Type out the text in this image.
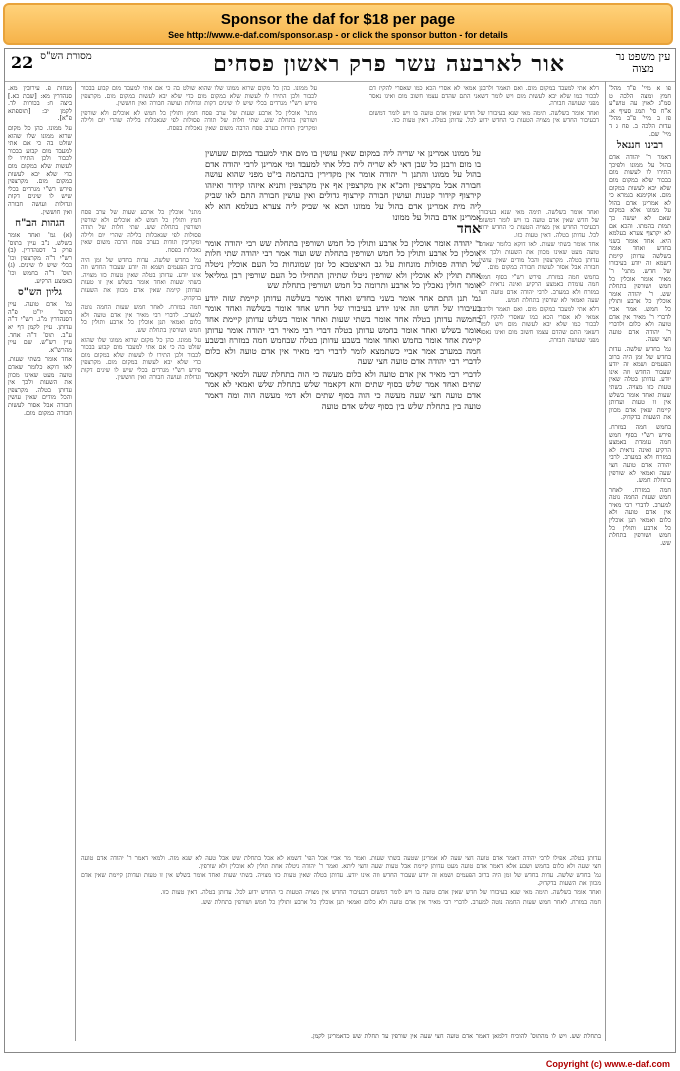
Sponsor the daf for $18 per page
See http://www.e-daf.com/sponsor.asp - or click the sponsor button - for details
עין משפט נר מצוה
אור לארבעה עשר פרק ראשון פסחים
מסורת הש"ס
22

פו א מיי' פ"ד מהל' חמץ ומצה הלכה ט סמ"ג לאוין עה טוש"ע א"ח סי' תמג סעיף א. פז ב מיי' פ"ב מהל' עדות הלכה ב. פח ג ד מיי' שם.

רבינו חננאל

דאמר ר' יהודה אדם בהול על ממונו ולפיכך התירו לו לעשות מום בבכור שלא במקום מום שלא יבא לעשות במקום מום. אוקימנא בגמרא כי לא אמרינן אדם בהול על ממונו אלא במקום שאם לא יעשה כך תמות בהמתו. והכא אם לא יקרצף צערא בעלמא היא. אחד אומר בשני בחדש ואחד אומר בשלשה עדותן קיימת דשמא זה יודע בעיבורו של חדש. מתני' ר' מאיר אומר אוכלין כל חמש ושורפין בתחלת שש. ר' יהודה אומר אוכלין כל ארבע ותולין כל חמש. אמר אביי לדברי ר' מאיר אין אדם טועה ולא כלום ולדברי ר' יהודה אדם טועה חצי שעה.

גמ' בחדש שלשה. עדות בחדש של זמן היה ברוב הפעמים ושמא זה יודע שעבור החדש וזה אינו יודע. עדותן בטלה שאין טעות כזו מצויה. בשתי שעות ואחד אומר בשלש אין זו טעות ועדותן קיימת שאין אדם מכוון את השעות בדקדוק.

בחמש חמה במזרח. פירש רש"י בסוף חמש חמה עומדת באמצע הרקיע ואינה נראית לא במזרח ולא במערב. לרבי יהודה אדם טועה חצי שעה ואמאי לא שורפין בתחלת חמש.

חמה במזרח. לאחר חמש שעות החמה נוטה למערב. לדברי רבי מאיר אין אדם טועה ולא כלום ואמאי תנן אוכלין כל ארבע ותולין כל חמש ושורפין בתחלת שש.

מנחות פ. עירובין מא. סנהדרין מא: [שבת כא.] ביצה ח: בכורות לד. לקמן יב: [תוספתא פ"א].

על ממונו. כהן כל מקום שרוא ממונו שלו שהוא שולט בה כי אם אתי למעבד מום קבוע בבכור לכבור ולכן התירו לו לעשות שלא במקום מום כדי שלא יבא לעשות במקום מום. מקרצפין פירש רש"י מגרדים בכלי שיש לו שינים דקות וגדולות ועושה חבורה ואין חוששין.

הגהות הב"ח

(א) גמ' ואחד אומר בשלש. נ"ב עיין בתוס' פרק ב' דסנהדרין. (ב) רש"י ד"ה מקרצפין וכו' בכלי שיש לו שינים. (ג) תוס' ד"ה בחמש וכו' באמצע הרקיע.

גליון הש"ס

גמ' אדם טועה. עיין בתוס' יו"ט פ"ה דסנהדרין מ"ג. רש"י ד"ה עדותן. עיין לקמן דף יא ע"ב. תוס' ד"ה אחד. עיין רש"ש. שם עיין מהרש"א.

אחד אומר בשתי שעות. לאו דוקא כלומר שאדם טועה מעט שאינו מכוון את השעות ולכך אין עדותן בטלה. מקרצפין והכל מודים שאין עושין חבורה אבל אסור לעשות חבורה במקום מום.

דלא אתי למעבד במקום מום. ואם תאמר ולרבנן אמאי לא אסרי הכא כמו שאסרי להקיז דם לבכור כמו שלא יבא לעשות מום ויש לומר דשאני התם שהדם עצמו חשוב מום ואינו נאסר מפני שעושה חבורה.

ואחד אומר בשלשה. תימה מאי שנא בעיבורו של חדש שאין אדם טועה בו ויש לומר דמשום דבעיבור החדש אין מצויה הטעות כי החדש ידוע לכל. עדותן בטלה. דאין טעות כזו.

על ממונו. כהן כל מקום שרוא ממונו שלו שהוא שולט בה כי אם אתי למעבד מום קבוע בבכור לכבור ולכן התירו לו לעשות שלא במקום מום כדי שלא יבא לעשות במקום מום. מקרצפין פירש רש"י מגרדים בכלי שיש לו שינים דקות וגדולות ועושה חבורה ואין חוששין.

מתני' אוכלין כל ארבע שעות של ערב פסח חמץ ותולין כל חמש לא אוכלים ולא שורפין ושורפין בתחלת שש. שתי חלות של תודה פסולות לפי שנאכלות בלילה שהרי יום ולילה ומקריבין תודות בערב פסח הרבה משום שאין נאכלות בפסח.

על ממונו אמרינן אי שריה ליה במקום שאין עושין בו מום אתי למעבד במקום שעושין בו מום ורבנן כל שבן דאי לא שריה ליה כלל אתי למעבד ומי אמרינן לרבי יהודה אדם בהול על ממונו והתנן ר' יהודה אומר אין מקדירין בהבהמה בי"ט מפני שהוא עושה חבורה אבל מקרצפין וחכ"א אין מקרצפין אף אין מקרצפין ותניא איזהו קידור ואיזהו קירצוף קידור קטנות ועושין חבורה קירצוף גדולים ואין עושין חבורה התם לאו שביק ליה מית אמרינן אדם בהול על ממונו הכא אי שביק ליה צערא בעלמא הוא לא אמרינן אדם בהול על ממונו

אחד

ר' יהודה אומר אוכלין כל ארבע ותולין כל חמש ושורפין בתחלת שש רבי יהודה אומר אוכלין כל ארבע ותולין כל חמש ושורפין בתחלת שש ועוד אמר רבי יהודה שתי חלות של תודה פסולות מונחות על גב האיצטבא כל זמן שמונחות כל העם אוכלין ניטלה אחת תולין לא אוכלין ולא שורפין ניטלו שתיהן התחילו כל העם שורפין רבן גמליאל אומר חולין נאכלין כל ארבע ותרומה כל חמש ושורפין בתחלת שש

גמ' תנן התם אחד אומר בשני בחדש ואחד אומר בשלשה עדותן קיימת שזה יודע בעיבורו של חדש וזה אינו יודע בעיבורו של חדש אחד אומר בשלשה ואחד אומר בחמשה עדותן בטלה אחד אומר בשתי שעות ואחד אומר בשלש עדותן קיימת אחד אומר בשלש ואחד אומר בחמש עדותן בטלה דברי רבי מאיר רבי יהודה אומר עדותן קיימת אחד אומר בחמש ואחד אומר בשבע עדותן בטלה שבחמש חמה במזרח ובשבע חמה במערב אמר אביי כשתמצא לומר לדברי רבי מאיר אין אדם טועה ולא כלום לדברי רבי יהודה אדם טועה חצי שעה

לדברי רבי מאיר אין אדם טועה ולא כלום מעשה כי הוה בתחלת שעה ולמאי דקאמר שתים ואחד אמר שלש בסוף שתים והא דקאמר שלש בתחלת שלש ואמאי לא אמר אדם טועה חצי שעה מעשה כי הוה בסוף שתים ולא דמי מעשה הוה ומה דאמר טועה בין בתחלת שלש בין בסוף שלש אדם טועה

ואחד אומר בשלשה. תימה מאי שנא בעיבורו של חדש שאין אדם טועה בו ויש לומר דמשום דבעיבור החדש אין מצויה הטעות כי החדש ידוע לכל. עדותן בטלה. דאין טעות כזו.

אחד אומר בשתי שעות. לאו דוקא כלומר שאדם טועה מעט שאינו מכוון את השעות ולכך אין עדותן בטלה. מקרצפין והכל מודים שאין עושין חבורה אבל אסור לעשות חבורה במקום מום.

בחמש חמה במזרח. פירש רש"י בסוף חמש חמה עומדת באמצע הרקיע ואינה נראית לא במזרח ולא במערב. לרבי יהודה אדם טועה חצי שעה ואמאי לא שורפין בתחלת חמש.

דלא אתי למעבד במקום מום. ואם תאמר ולרבנן אמאי לא אסרי הכא כמו שאסרי להקיז דם לבכור כמו שלא יבא לעשות מום ויש לומר דשאני התם שהדם עצמו חשוב מום ואינו נאסר מפני שעושה חבורה.

מתני' אוכלין כל ארבע שעות של ערב פסח חמץ ותולין כל חמש לא אוכלים ולא שורפין ושורפין בתחלת שש. שתי חלות של תודה פסולות לפי שנאכלות בלילה שהרי יום ולילה ומקריבין תודות בערב פסח הרבה משום שאין נאכלות בפסח.

גמ' בחדש שלשה. עדות בחדש של זמן היה ברוב הפעמים ושמא זה יודע שעבור החדש וזה אינו יודע. עדותן בטלה שאין טעות כזו מצויה. בשתי שעות ואחד אומר בשלש אין זו טעות ועדותן קיימת שאין אדם מכוון את השעות בדקדוק.

חמה במזרח. לאחר חמש שעות החמה נוטה למערב. לדברי רבי מאיר אין אדם טועה ולא כלום ואמאי תנן אוכלין כל ארבע ותולין כל חמש ושורפין בתחלת שש.

על ממונו. כהן כל מקום שרוא ממונו שלו שהוא שולט בה כי אם אתי למעבד מום קבוע בבכור לכבור ולכן התירו לו לעשות שלא במקום מום כדי שלא יבא לעשות במקום מום. מקרצפין פירש רש"י מגרדים בכלי שיש לו שינים דקות וגדולות ועושה חבורה ואין חוששין.

עדותן בטלה. אפילו לרבי יהודה דאמר אדם טועה חצי שעה לא אמרינן שטעה בשתי שעות. ואמר מר אביי אכל הפי' דשמא לא אכל בתחלת שש אבל טעה לא שנא מזה. ולמאי דאמר ר' יהודה אדם טועה חצי שעה ולא כלום בחמש ושבע אלא דאמר אדם טועה מעט עדותן קיימת אבל טעות שעה וחצי ליתא. ואמר ר' יהודה ניטלה אחת תולין לא אוכלין ולא שורפין.

גמ' בחדש שלשה. עדות בחדש של זמן היה ברוב הפעמים ושמא זה יודע שעבור החדש וזה אינו יודע. עדותן בטלה שאין טעות כזו מצויה. בשתי שעות ואחד אומר בשלש אין זו טעות ועדותן קיימת שאין אדם מכוון את השעות בדקדוק.

ואחד אומר בשלשה. תימה מאי שנא בעיבורו של חדש שאין אדם טועה בו ויש לומר דמשום דבעיבור החדש אין מצויה הטעות כי החדש ידוע לכל. עדותן בטלה. דאין טעות כזו.

חמה במזרח. לאחר חמש שעות החמה נוטה למערב. לדברי רבי מאיר אין אדם טועה ולא כלום ואמאי תנן אוכלין כל ארבע ותולין כל חמש ושורפין בתחלת שש.

בתחלת שש. ויש לו מהתוס' להוכיח דלמאן דאמר אדם טועה חצי שעה אין שורפין עד תחלת שש כדאמרינן לקמן.

Copyright (c) www.e-daf.com
